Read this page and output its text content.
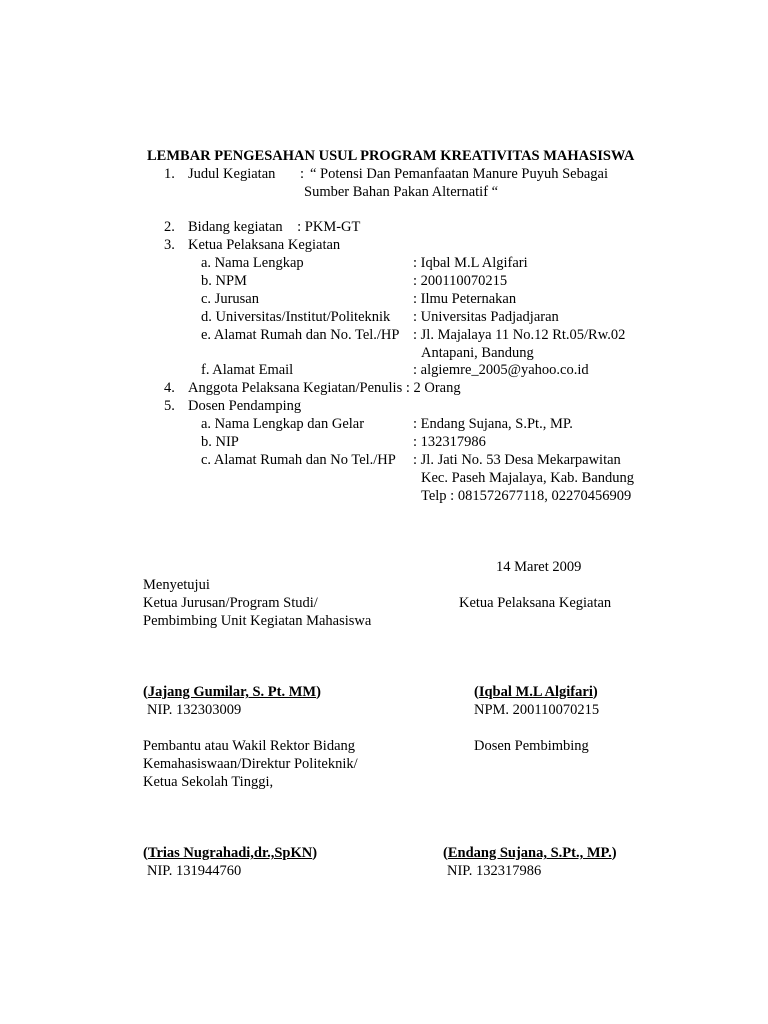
LEMBAR PENGESAHAN USUL PROGRAM KREATIVITAS MAHASISWA
1. Judul Kegiatan : “ Potensi Dan Pemanfaatan Manure Puyuh Sebagai
Sumber Bahan Pakan Alternatif “
2. Bidang kegiatan    : PKM-GT
3. Ketua Pelaksana Kegiatan
a. Nama Lengkap	: Iqbal M.L Algifari
b. NPM	: 200110070215
c. Jurusan	: Ilmu Peternakan
d. Universitas/Institut/Politeknik : Universitas Padjadjaran
e. Alamat Rumah dan No. Tel./HP : Jl. Majalaya 11 No.12 Rt.05/Rw.02
Antapani, Bandung
f. Alamat Email	: algiemre_2005@yahoo.co.id
4. Anggota Pelaksana Kegiatan/Penulis : 2 Orang
5. Dosen Pendamping
a. Nama Lengkap dan Gelar	: Endang Sujana, S.Pt., MP.
b. NIP	: 132317986
c. Alamat Rumah dan No Tel./HP : Jl. Jati No. 53 Desa Mekarpawitan
Kec. Paseh Majalaya, Kab. Bandung
Telp : 081572677118, 02270456909
14 Maret 2009
Menyetujui
Ketua Jurusan/Program Studi/
Pembimbing Unit Kegiatan Mahasiswa
Ketua Pelaksana Kegiatan
(Jajang Gumilar, S. Pt. MM)
NIP. 132303009
(Iqbal M.L Algifari)
NPM. 200110070215
Pembantu atau Wakil Rektor Bidang
Kemahasiswaan/Direktur Politeknik/
Ketua Sekolah Tinggi,
Dosen Pembimbing
(Trias Nugrahadi,dr.,SpKN)
NIP. 131944760
(Endang Sujana, S.Pt., MP.)
NIP. 132317986
